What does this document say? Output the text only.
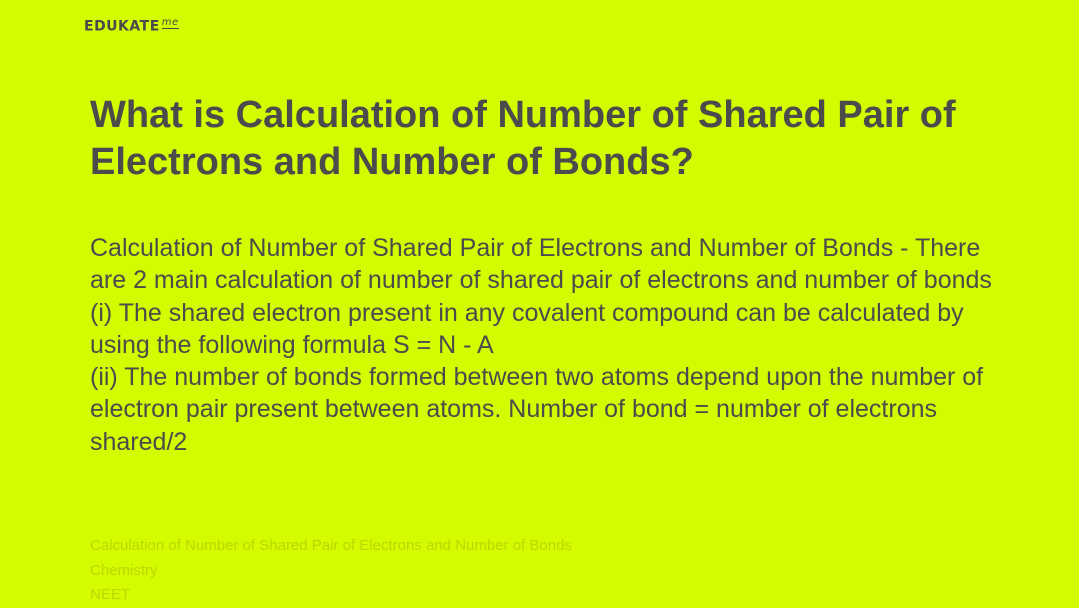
EDUKATE $^{me}$
What is Calculation of Number of Shared Pair of Electrons and Number of Bonds?

Calculation of Number of Shared Pair of Electrons and Number of Bonds - There are 2 main calculation of number of shared pair of electrons and number of bonds

(i) The shared electron present in any covalent compound can be calculated by using the following formula S = N - A

(ii) The number of bonds formed between two atoms depend upon the number of electron pair present between atoms. Number of bond = number of electrons shared/2

Calculation of Number of Shared Pair of Electrons and Number of Bonds
Chemistry
NEET
